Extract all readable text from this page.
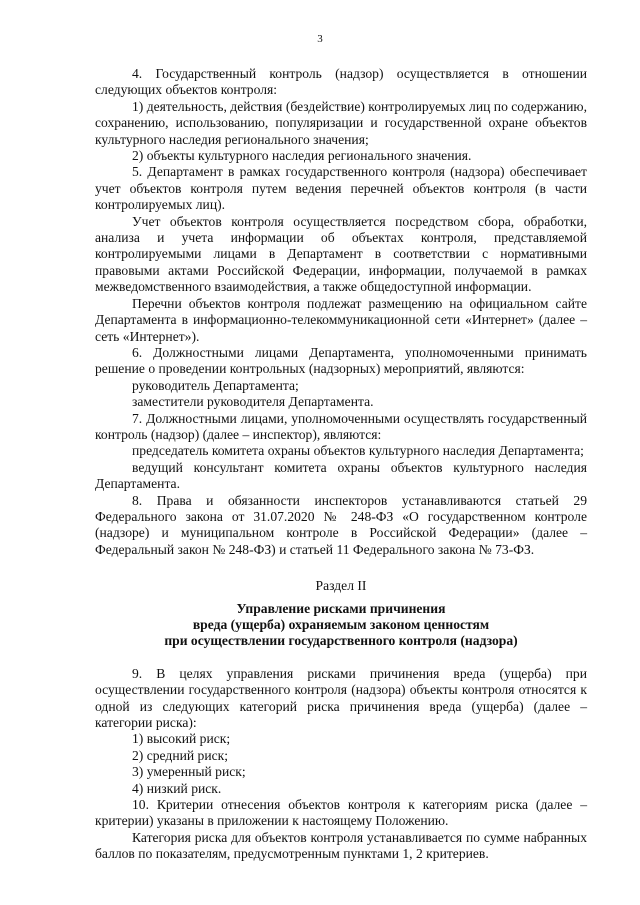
3

4. Государственный контроль (надзор) осуществляется в отношении следующих объектов контроля:

1) деятельность, действия (бездействие) контролируемых лиц по содержанию, сохранению, использованию, популяризации и государственной охране объектов культурного наследия регионального значения;

2) объекты культурного наследия регионального значения.

5. Департамент в рамках государственного контроля (надзора) обеспечивает учет объектов контроля путем ведения перечней объектов контроля (в части контролируемых лиц).

Учет объектов контроля осуществляется посредством сбора, обработки, анализа и учета информации об объектах контроля, представляемой контролируемыми лицами в Департамент в соответствии с нормативными правовыми актами Российской Федерации, информации, получаемой в рамках межведомственного взаимодействия, а также общедоступной информации.

Перечни объектов контроля подлежат размещению на официальном сайте Департамента в информационно-телекоммуникационной сети «Интернет» (далее – сеть «Интернет»).

6. Должностными лицами Департамента, уполномоченными принимать решение о проведении контрольных (надзорных) мероприятий, являются:

руководитель Департамента;

заместители руководителя Департамента.

7. Должностными лицами, уполномоченными осуществлять государственный контроль (надзор) (далее – инспектор), являются:

председатель комитета охраны объектов культурного наследия Департамента;

ведущий консультант комитета охраны объектов культурного наследия Департамента.

8. Права и обязанности инспекторов устанавливаются статьей 29 Федерального закона от 31.07.2020 № 248-ФЗ «О государственном контроле (надзоре) и муниципальном контроле в Российской Федерации» (далее – Федеральный закон № 248-ФЗ) и статьей 11 Федерального закона № 73-ФЗ.

Раздел II

Управление рисками причинения

вреда (ущерба) охраняемым законом ценностям

при осуществлении государственного контроля (надзора)

9. В целях управления рисками причинения вреда (ущерба) при осуществлении государственного контроля (надзора) объекты контроля относятся к одной из следующих категорий риска причинения вреда (ущерба) (далее – категории риска):

1) высокий риск;

2) средний риск;

3) умеренный риск;

4) низкий риск.

10. Критерии отнесения объектов контроля к категориям риска (далее – критерии) указаны в приложении к настоящему Положению.

Категория риска для объектов контроля устанавливается по сумме набранных баллов по показателям, предусмотренным пунктами 1, 2 критериев.
